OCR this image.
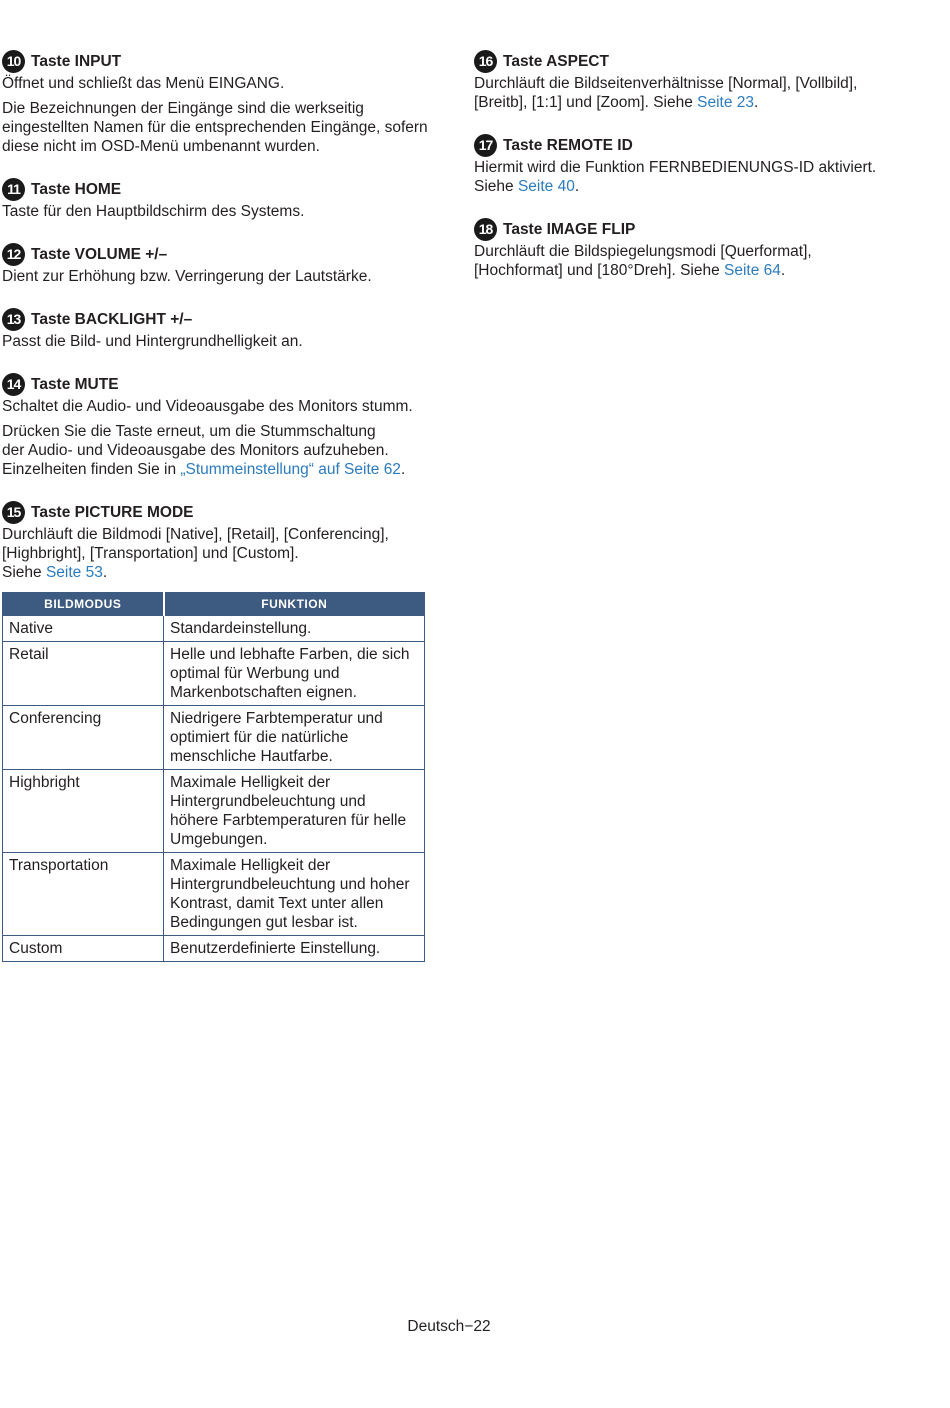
10 Taste INPUT

Öffnet und schließt das Menü EINGANG.

Die Bezeichnungen der Eingänge sind die werkseitig eingestellten Namen für die entsprechenden Eingänge, sofern diese nicht im OSD-Menü umbenannt wurden.

11 Taste HOME

Taste für den Hauptbildschirm des Systems.

12 Taste VOLUME +/–

Dient zur Erhöhung bzw. Verringerung der Lautstärke.

13 Taste BACKLIGHT +/–

Passt die Bild- und Hintergrundhelligkeit an.

14 Taste MUTE

Schaltet die Audio- und Videoausgabe des Monitors stumm.

Drücken Sie die Taste erneut, um die Stummschaltung
der Audio- und Videoausgabe des Monitors aufzuheben.
Einzelheiten finden Sie in „Stummeinstellung“ auf Seite 62.

15 Taste PICTURE MODE

Durchläuft die Bildmodi [Native], [Retail], [Conferencing],
[Highbright], [Transportation] und [Custom].
Siehe Seite 53.

BILDMODUS	FUNKTION
Native	Standardeinstellung.
Retail	Helle und lebhafte Farben, die sich optimal für Werbung und Markenbotschaften eignen.
Conferencing	Niedrigere Farbtemperatur und optimiert für die natürliche menschliche Hautfarbe.
Highbright	Maximale Helligkeit der Hintergrundbeleuchtung und höhere Farbtemperaturen für helle Umgebungen.
Transportation	Maximale Helligkeit der Hintergrundbeleuchtung und hoher Kontrast, damit Text unter allen Bedingungen gut lesbar ist.
Custom	Benutzerdefinierte Einstellung.
16 Taste ASPECT

Durchläuft die Bildseitenverhältnisse [Normal], [Vollbild],
[Breitb], [1:1] und [Zoom]. Siehe Seite 23.

17 Taste REMOTE ID

Hiermit wird die Funktion FERNBEDIENUNGS-ID aktiviert.
Siehe Seite 40.

18 Taste IMAGE FLIP

Durchläuft die Bildspiegelungsmodi [Querformat],
[Hochformat] und [180°Dreh]. Siehe Seite 64.

Deutsch−22
